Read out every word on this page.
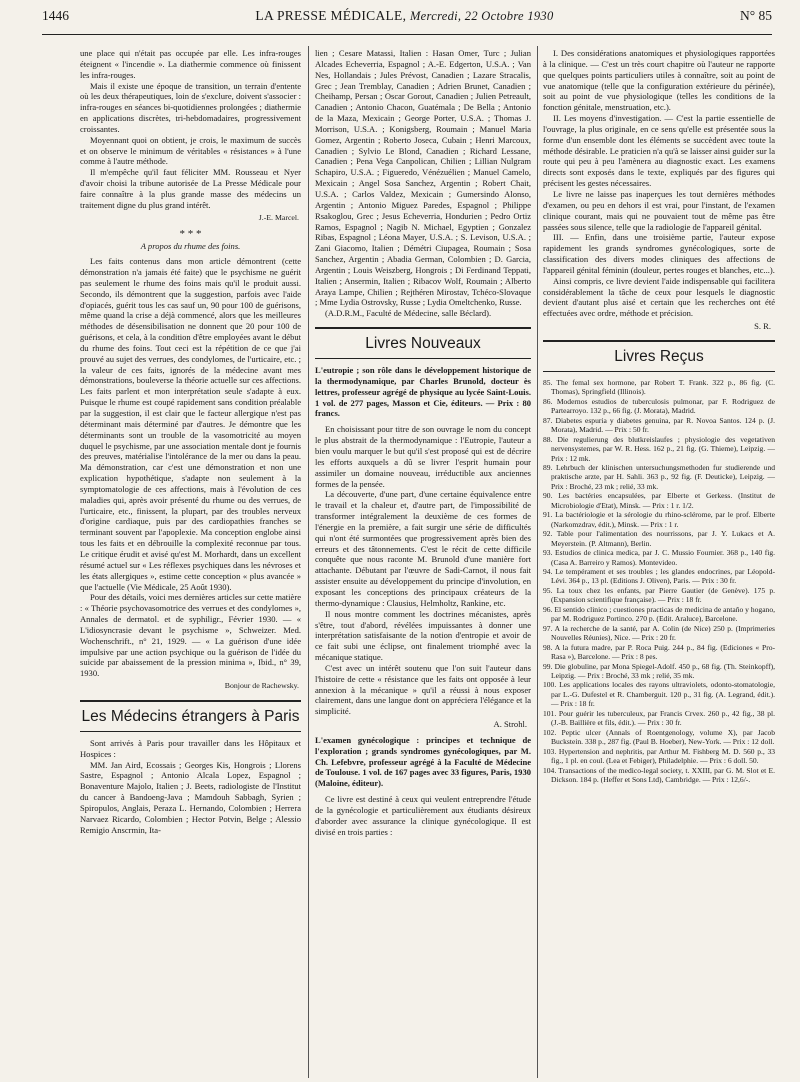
1446	LA PRESSE MÉDICALE, Mercredi, 22 Octobre 1930	N° 85

une place qui n'était pas occupée par elle. Les infra-rouges éteignent « l'incendie ». La diathermie commence où finissent les infra-rouges.

Mais il existe une époque de transition, un terrain d'entente où les deux thérapeutiques, loin de s'exclure, doivent s'associer : infra-rouges en séances bi-quotidiennes prolongées ; diathermie en applications discrètes, tri-hebdomadaires, progressivement croissantes.

Moyennant quoi on obtient, je crois, le maximum de succès et on observe le minimum de véritables « résistances » à l'une comme à l'autre méthode.

Il m'empêche qu'il faut féliciter MM. Rousseau et Nyer d'avoir choisi la tribune autorisée de La Presse Médicale pour faire connaître à la plus grande masse des médecins un traitement digne du plus grand intérêt.

J.-E. Marcel.
* * *
A propos du rhume des foins.

Les faits contenus dans mon article démontrent (cette démonstration n'a jamais été faite) que le psychisme ne guérit pas seulement le rhume des foins mais qu'il le produit aussi. Secondo, ils démontrent que la suggestion, parfois avec l'aide d'opiacés, guérit tous les cas sauf un, 90 pour 100 de guérisons, même quand la crise a déjà commencé, alors que les meilleures méthodes de désensibilisation ne donnent que 20 pour 100 de guérisons, et cela, à la condition d'être employées avant le début du rhume des foins. Tout ceci est la répétition de ce que j'ai prouvé au sujet des verrues, des condylomes, de l'urticaire, etc. ; la valeur de ces faits, ignorés de la médecine avant mes démonstrations, bouleverse la théorie actuelle sur ces affections. Les faits parlent et mon interprétation seule s'adapte à eux. Puisque le rhume est coupé rapidement sans condition préalable par la suggestion, il est clair que le facteur allergique n'est pas déterminant mais déterminé par d'autres. Je démontre que les déterminants sont un trouble de la vasomotricité au moyen duquel le psychisme, par une association mentale dont je fournis des preuves, matérialise l'intolérance de la mer ou dans la peau. Ma démonstration, car c'est une démonstration et non une explication hypothétique, s'adapte non seulement à la symptomatologie de ces affections, mais à l'évolution de ces maladies qui, après avoir présenté du rhume ou des verrues, de l'urticaire, etc., finissent, la plupart, par des troubles nerveux d'origine cardiaque, puis par des cardiopathies franches se terminant souvent par l'apoplexie. Ma conception englobe ainsi tous les faits et en débrouille la complexité reconnue par tous. Le critique érudit et avisé qu'est M. Morhardt, dans un excellent résumé actuel sur « Les réflexes psychiques dans les névroses et les états allergiques », estime cette conception « plus avancée » que l'actuelle (Vie Médicale, 25 Août 1930).

Pour des détails, voici mes dernières articles sur cette matière : « Théorie psychovasomotrice des verrues et des condylomes », Annales de dermatol. et de syphiligr., Février 1930. — « L'idiosyncrasie devant le psychisme », Schweizer. Med. Wochenschrift., n° 21, 1929. — « La guérison d'une idée impulsive par une action psychique ou la guérison de l'idée du suicide par abaissement de la pression minima », Ibid., n° 39, 1930.

Bonjour de Rachewsky.
Les Médecins étrangers à Paris

Sont arrivés à Paris pour travailler dans les Hôpitaux et Hospices :

MM. Jan Aird, Ecossais ; Georges Kis, Hongrois ; Llorens Sastre, Espagnol ; Antonio Alcala Lopez, Espagnol ; Bonaventure Majolo, Italien ; J. Beets, radiologiste de l'Institut du cancer à Bandoeng-Java ; Mamdouh Sabbagh, Syrien ; Spiropulos, Anglais, Peraza L. Hernando, Colombien ; Herrera Narvaez Ricardo, Colombien ; Hector Potvin, Belge ; Alessio Remigio Anscrmin, Ita-

lien ; Cesare Matassi, Italien : Hasan Omer, Turc ; Julian Alcades Echeverria, Espagnol ; A.-E. Edgerton, U.S.A. ; Van Nes, Hollandais ; Jules Prévost, Canadien ; Lazare Stracalis, Grec ; Jean Tremblay, Canadien ; Adrien Brunet, Canadien ; Cheihamp, Persan ; Oscar Gorout, Canadien ; Julien Petreault, Canadien ; Antonio Chacon, Guatémala ; De Bella ; Antonio de la Maza, Mexicain ; George Porter, U.S.A. ; Thomas J. Morrison, U.S.A. ; Konigsberg, Roumain ; Manuel Maria Gomez, Argentin ; Roberto Joseca, Cubain ; Henri Marcoux, Canadien ; Sylvio Le Blond, Canadien ; Richard Lessane, Canadien ; Pena Vega Canpolican, Chilien ; Lillian Nulgram Schapiro, U.S.A. ; Figueredo, Vénézuélien ; Manuel Camelo, Mexicain ; Angel Sosa Sanchez, Argentin ; Robert Chait, U.S.A. ; Carlos Valdez, Mexicain ; Gumersindo Alonso, Argentin ; Antonio Miguez Paredes, Espagnol ; Philippe Rsakoglou, Grec ; Jesus Echeverria, Hondurien ; Pedro Ortiz Ramos, Espagnol ; Nagib N. Michael, Egyptien ; Gonzalez Ribas, Espagnol ; Léona Mayer, U.S.A. ; S. Levison, U.S.A. ; Zani Giacomo, Italien ; Démétri Ciupagea, Roumain ; Sosa Sanchez, Argentin ; Abadia German, Colombien ; D. Garcia, Argentin ; Louis Weiszberg, Hongrois ; Di Ferdinand Teppati, Italien ; Ansermin, Italien ; Ribacov Wolf, Roumain ; Alberto Araya Lampe, Chilien ; Rejthéren Mirostav, Tchéco-Slovaque ; Mme Lydia Ostrovsky, Russe ; Lydia Omeltchenko, Russe.

(A.D.R.M., Faculté de Médecine, salle Béclard).

Livres Nouveaux

L'eutropie ; son rôle dans le développement historique de la thermodynamique, par Charles Brunold, docteur ès lettres, professeur agrégé de physique au lycée Saint-Louis. 1 vol. de 277 pages, Masson et Cie, éditeurs. — Prix : 80 francs.

En choisissant pour titre de son ouvrage le nom du concept le plus abstrait de la thermodynamique : l'Eutropie, l'auteur a bien voulu marquer le but qu'il s'est proposé qui est de décrire les efforts auxquels a dû se livrer l'esprit humain pour assimiler un domaine nouveau, irréductible aux anciennes formes de la pensée.

La découverte, d'une part, d'une certaine équivalence entre le travail et la chaleur et, d'autre part, de l'impossibilité de transformer intégralement la deuxième de ces formes de l'énergie en la première, a fait surgir une série de difficultés qui n'ont été surmontées que progressivement après bien des erreurs et des tâtonnements. C'est le récit de cette difficile conquête que nous raconte M. Brunold d'une manière fort attachante. Débutant par l'œuvre de Sadi-Carnot, il nous fait assister ensuite au développement du principe d'involution, en exposant les conceptions des principaux créateurs de la thermo-dynamique : Clausius, Helmholtz, Rankine, etc.

Il nous montre comment les doctrines mécanistes, après s'être, tout d'abord, révélées impuissantes à donner une interprétation satisfaisante de la notion d'entropie et avoir de ce fait subi une éclipse, ont finalement triomphé avec la mécanique statique.

C'est avec un intérêt soutenu que l'on suit l'auteur dans l'histoire de cette « résistance que les faits ont opposée à leur annexion à la mécanique » qu'il a réussi à nous exposer clairement, dans une langue dont on appréciera l'élégance et la simplicité.

A. Strohl.

L'examen gynécologique : principes et technique de l'exploration ; grands syndromes gynécologiques, par M. Ch. Lefebvre, professeur agrégé à la Faculté de Médecine de Toulouse. 1 vol. de 167 pages avec 33 figures, Paris, 1930 (Maloine, éditeur).

Ce livre est destiné à ceux qui veulent entreprendre l'étude de la gynécologie et particulièrement aux étudiants désireux d'aborder avec assurance la clinique gynécologique. Il est divisé en trois parties :

I. Des considérations anatomiques et physiologiques rapportées à la clinique. — C'est un très court chapitre où l'auteur ne rapporte que quelques points particuliers utiles à connaître, soit au point de vue anatomique (telle que la configuration extérieure du périnée), soit au point de vue physiologique (telles les conditions de la fonction génitale, menstruation, etc.).

II. Les moyens d'investigation. — C'est la partie essentielle de l'ouvrage, la plus originale, en ce sens qu'elle est présentée sous la forme d'un ensemble dont les éléments se succèdent avec toute la méthode désirable. Le praticien n'a qu'à se laisser ainsi guider sur la route qui peu à peu l'amènera au diagnostic exact. Les examens directs sont exposés dans le texte, expliqués par des figures qui précisent les gestes nécessaires.

Le livre ne laisse pas inaperçues les tout dernières méthodes d'examen, ou peu en dehors il est vrai, pour l'instant, de l'examen clinique courant, mais qui ne pouvaient tout de même pas être passées sous silence, telle que la radiologie de l'appareil génital.

III. — Enfin, dans une troisième partie, l'auteur expose rapidement les grands syndromes gynécologiques, sorte de classification des divers modes cliniques des affections de l'appareil génital féminin (douleur, pertes rouges et blanches, etc...).

Ainsi compris, ce livre devient l'aide indispensable qui facilitera considérablement la tâche de ceux pour lesquels le diagnostic devient d'autant plus aisé et certain que les recherches ont été effectuées avec ordre, méthode et précision.

S. R.
Livres Reçus

85. The femal sex hormone, par Robert T. Frank. 322 p., 86 fig. (C. Thomas), Springfield (Illinois).

86. Modernos estudios de tuberculosis pulmonar, par F. Rodriguez de Partearroyo. 132 p., 66 fig. (J. Morata), Madrid.

87. Diabetes espuria y diabetes genuina, par R. Novoa Santos. 124 p. (J. Morata), Madrid. — Prix : 50 fr.

88. Die regulierung des blutkreislaufes ; physiologie des vegetativen nervensystemes, par W. R. Hess. 162 p., 21 fig. (G. Thieme), Leipzig. — Prix : 12 mk.

89. Lehrbuch der klinischen untersuchungsmethoden fur studierende und praktische arzte, par H. Sahli. 363 p., 92 fig. (F. Deuticke), Leipzig. — Prix : Broché, 23 mk ; relié, 33 mk.

90. Les bactéries encapsulées, par Elberte et Gerkess. (Institut de Microbiologie d'Etat), Minsk. — Prix : 1 r. 1/2.

91. La bactériologie et la sérologie du rhino-sclérome, par le prof. Elberte (Narkomzdrav, édit.), Minsk. — Prix : 1 r.

92. Table pour l'alimentation des nourrissons, par J. Y. Lukacs et A. Meyerstein. (P. Altmann), Berlin.

93. Estudios de clinica medica, par J. C. Mussio Fournier. 368 p., 140 fig. (Casa A. Barreiro y Ramos). Montevideo.

94. Le tempérament et ses troubles ; les glandes endocrines, par Léopold-Lévi. 364 p., 13 pl. (Editions J. Oliven), Paris. — Prix : 30 fr.

95. La toux chez les enfants, par Pierre Gautier (de Genève). 175 p. (Expansion scientifique française). — Prix : 18 fr.

96. El sentido clinico ; cuestiones practicas de medicina de antaño y hogano, par M. Rodriguez Portinco. 270 p. (Edit. Araluce), Barcelone.

97. A la recherche de la santé, par A. Colin (de Nice) 250 p. (Imprimeries Nouvelles Réunies), Nice. — Prix : 20 fr.

98. A la futura madre, par P. Roca Puig. 244 p., 84 fig. (Ediciones « Pro-Rasa »), Barcelone. — Prix : 8 pes.

99. Die globuline, par Mona Spiegel-Adolf. 450 p., 68 fig. (Th. Steinkopff), Leipzig. — Prix : Broché, 33 mk ; relié, 35 mk.

100. Les applications locales des rayons ultraviolets, odonto-stomatologie, par L.-G. Dufestel et R. Chamberguit. 120 p., 31 fig. (A. Legrand, édit.). — Prix : 18 fr.

101. Pour guérir les tuberculeux, par Francis Crvex. 260 p., 42 fig., 38 pl. (J.-B. Baillière et fils, édit.). — Prix : 30 fr.

102. Peptic ulcer (Annals of Roentgenology, volume X), par Jacob Buckstein. 338 p., 287 fig. (Paul B. Hoeber), New-York. — Prix : 12 doll.

103. Hypertension and nephritis, par Arthur M. Fishberg M. D. 560 p., 33 fig., 1 pl. en coul. (Lea et Febiger), Philadelphie. — Prix : 6 doll. 50.

104. Transactions of the medico-legal society, t. XXIII, par G. M. Slot et E. Dickson. 184 p. (Heffer et Sons Ltd), Cambridge. — Prix : 12,6/-.
